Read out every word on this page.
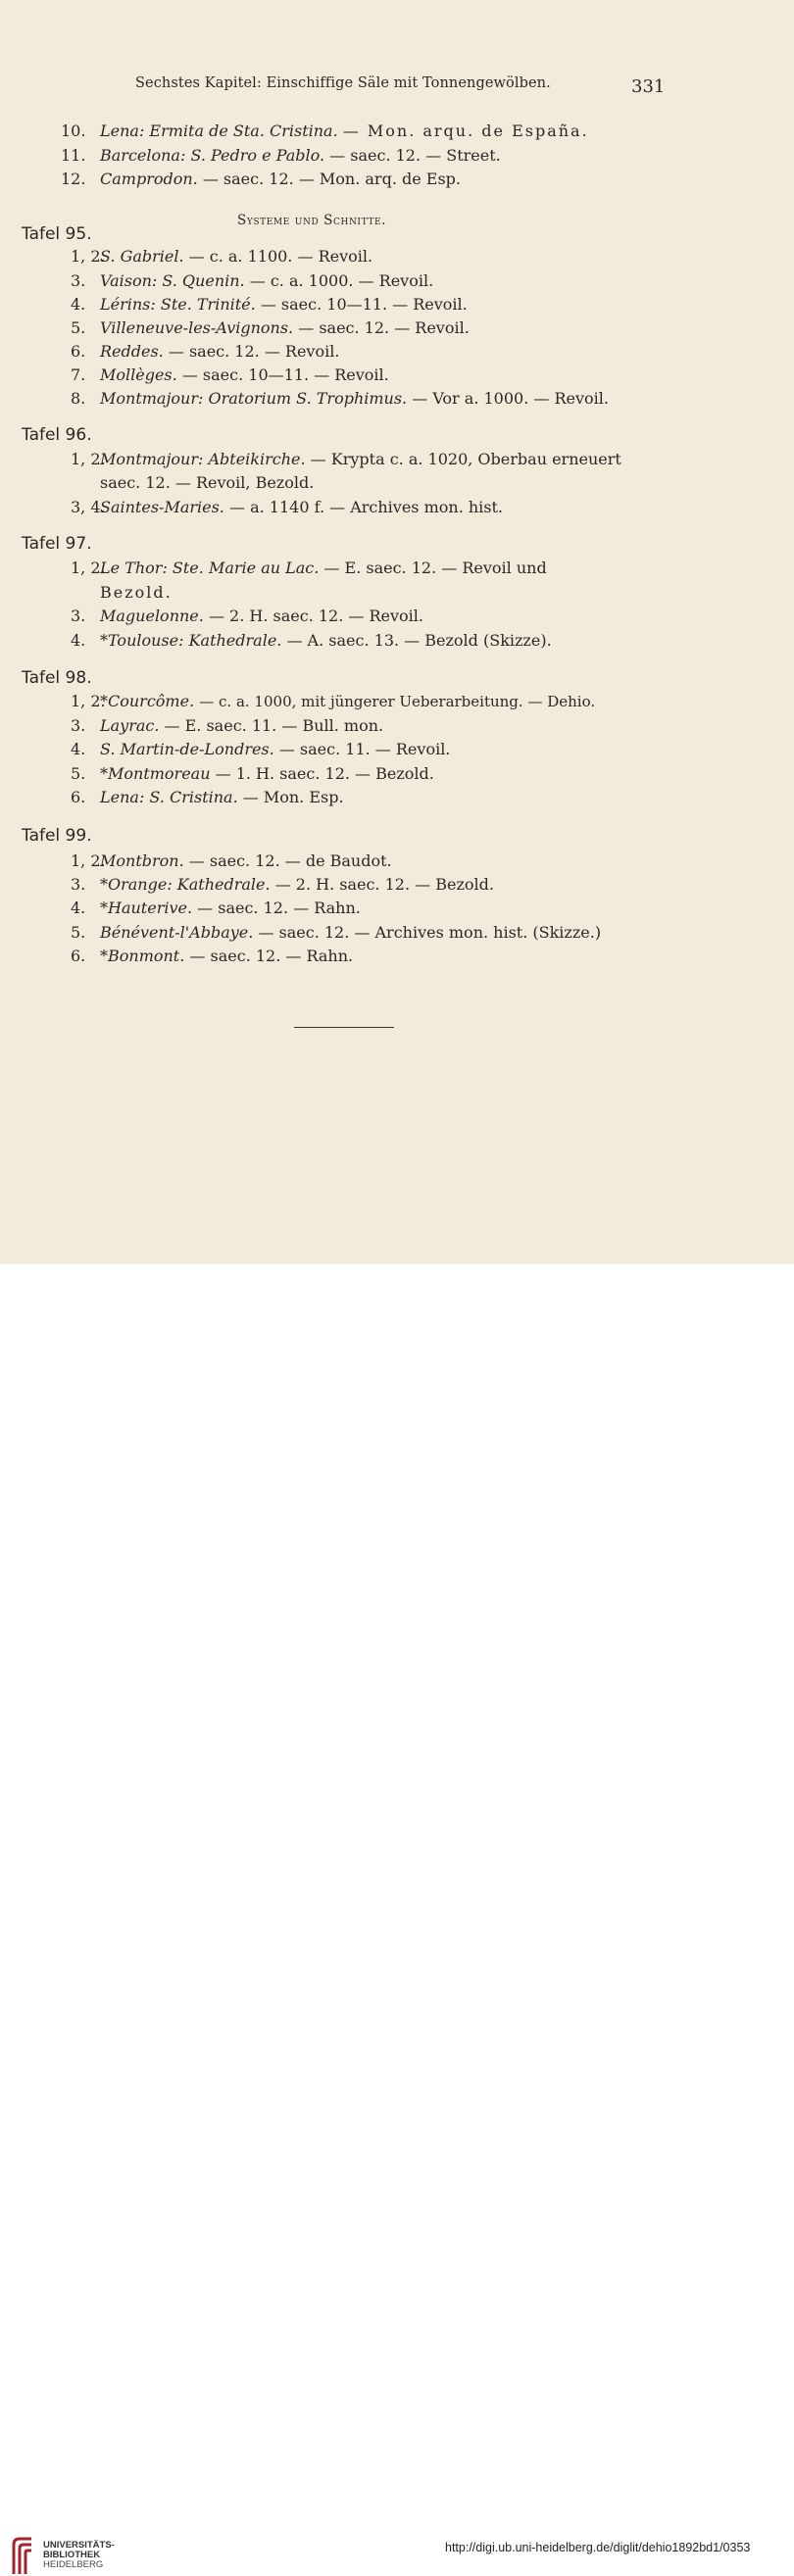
Sechstes Kapitel: Einschiffige Säle mit Tonnengewölben.	331
10. Lena: Ermita de Sta. Cristina. — Mon. arqu. de España.
11. Barcelona: S. Pedro e Pablo. — saec. 12. — Street.
12. Camprodon. — saec. 12. — Mon. arq. de Esp.
Systeme und Schnitte.
Tafel 95.
1, 2.S. Gabriel. — c. a. 1100. — Revoil.
3. Vaison: S. Quenin. — c. a. 1000. — Revoil.
4. Lérins: Ste. Trinité. — saec. 10—11. — Revoil.
5. Villeneuve-les-Avignons. — saec. 12. — Revoil.
6. Reddes. — saec. 12. — Revoil.
7. Mollèges. — saec. 10—11. — Revoil.
8. Montmajour: Oratorium S. Trophimus. — Vor a. 1000. — Revoil.
Tafel 96.
1, 2.Montmajour: Abteikirche. — Krypta c. a. 1020, Oberbau erneuert
saec. 12. — Revoil, Bezold.
3, 4.Saintes-Maries. — a. 1140 f. — Archives mon. hist.
Tafel 97.
1, 2.Le Thor: Ste. Marie au Lac. — E. saec. 12. — Revoil und
Bezold.
3. Maguelonne. — 2. H. saec. 12. — Revoil.
4. *Toulouse: Kathedrale. — A. saec. 13. — Bezold (Skizze).
Tafel 98.
1, 2.*Courcôme. — c. a. 1000, mit jüngerer Ueberarbeitung. — Dehio.
3. Layrac. — E. saec. 11. — Bull. mon.
4. S. Martin-de-Londres. — saec. 11. — Revoil.
5. *Montmoreau — 1. H. saec. 12. — Bezold.
6. Lena: S. Cristina. — Mon. Esp.
Tafel 99.
1, 2.Montbron. — saec. 12. — de Baudot.
3. *Orange: Kathedrale. — 2. H. saec. 12. — Bezold.
4. *Hauterive. — saec. 12. — Rahn.
5. Bénévent-l'Abbaye. — saec. 12. — Archives mon. hist. (Skizze.)
6. *Bonmont. — saec. 12. — Rahn.
UNIVERSITÄTS-
BIBLIOTHEK
HEIDELBERG
http://digi.ub.uni-heidelberg.de/diglit/dehio1892bd1/0353
